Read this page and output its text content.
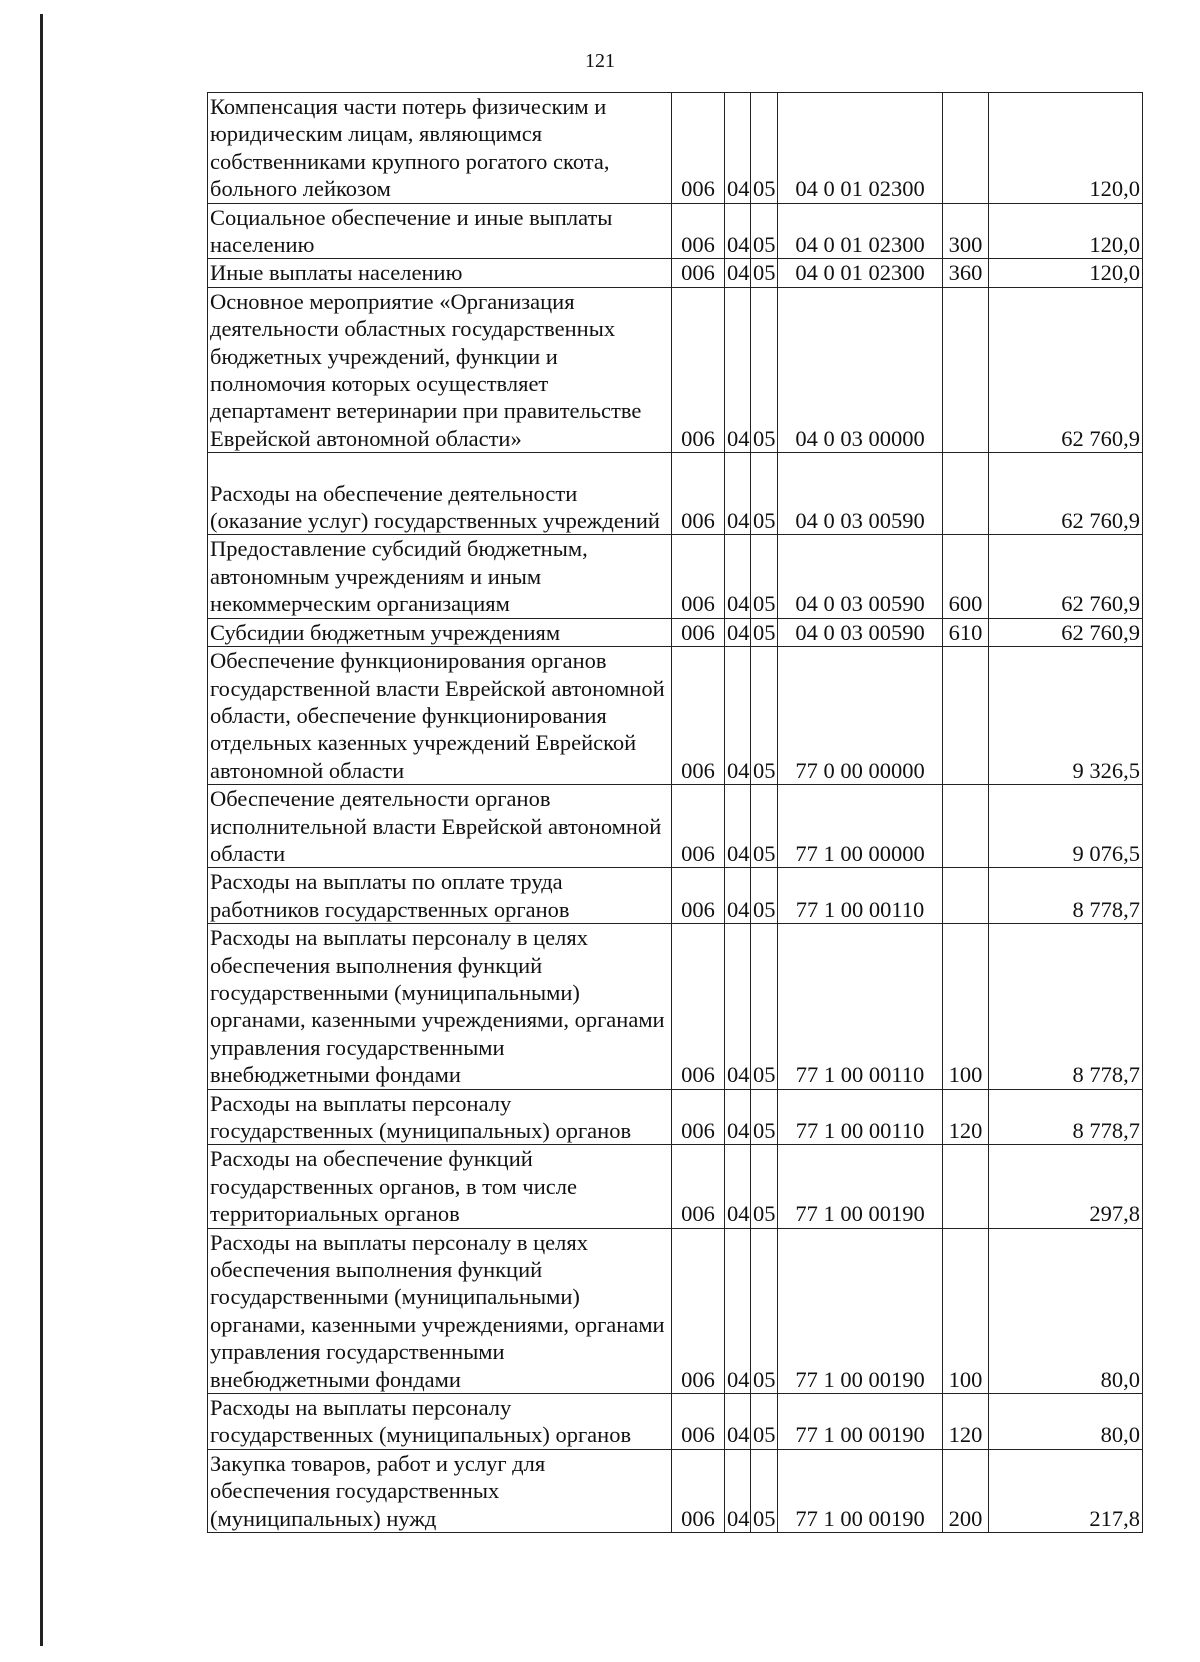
121
Компенсация части потерь физическим и юридическим лицам, являющимся собственниками крупного рогатого скота, больного лейкозом	006	04	05	04 0 01 02300		120,0
Социальное обеспечение и иные выплаты населению	006	04	05	04 0 01 02300	300	120,0
Иные выплаты населению	006	04	05	04 0 01 02300	360	120,0
Основное мероприятие «Организация деятельности областных государственных бюджетных учреждений, функции и полномочия которых осуществляет департамент ветеринарии при правительстве Еврейской автономной области»	006	04	05	04 0 03 00000		62 760,9
Расходы на обеспечение деятельности (оказание услуг) государственных учреждений	006	04	05	04 0 03 00590		62 760,9
Предоставление субсидий бюджетным, автономным учреждениям и иным некоммерческим организациям	006	04	05	04 0 03 00590	600	62 760,9
Субсидии бюджетным учреждениям	006	04	05	04 0 03 00590	610	62 760,9
Обеспечение функционирования органов государственной власти Еврейской автономной области, обеспечение функционирования отдельных казенных учреждений Еврейской автономной области	006	04	05	77 0 00 00000		9 326,5
Обеспечение деятельности органов исполнительной власти Еврейской автономной области	006	04	05	77 1 00 00000		9 076,5
Расходы на выплаты по оплате труда работников государственных органов	006	04	05	77 1 00 00110		8 778,7
Расходы на выплаты персоналу в целях обеспечения выполнения функций государственными (муниципальными) органами, казенными учреждениями, органами управления государственными внебюджетными фондами	006	04	05	77 1 00 00110	100	8 778,7
Расходы на выплаты персоналу государственных (муниципальных) органов	006	04	05	77 1 00 00110	120	8 778,7
Расходы на обеспечение функций государственных органов, в том числе территориальных органов	006	04	05	77 1 00 00190		297,8
Расходы на выплаты персоналу в целях обеспечения выполнения функций государственными (муниципальными) органами, казенными учреждениями, органами управления государственными внебюджетными фондами	006	04	05	77 1 00 00190	100	80,0
Расходы на выплаты персоналу государственных (муниципальных) органов	006	04	05	77 1 00 00190	120	80,0
Закупка товаров, работ и услуг для обеспечения государственных (муниципальных) нужд	006	04	05	77 1 00 00190	200	217,8
